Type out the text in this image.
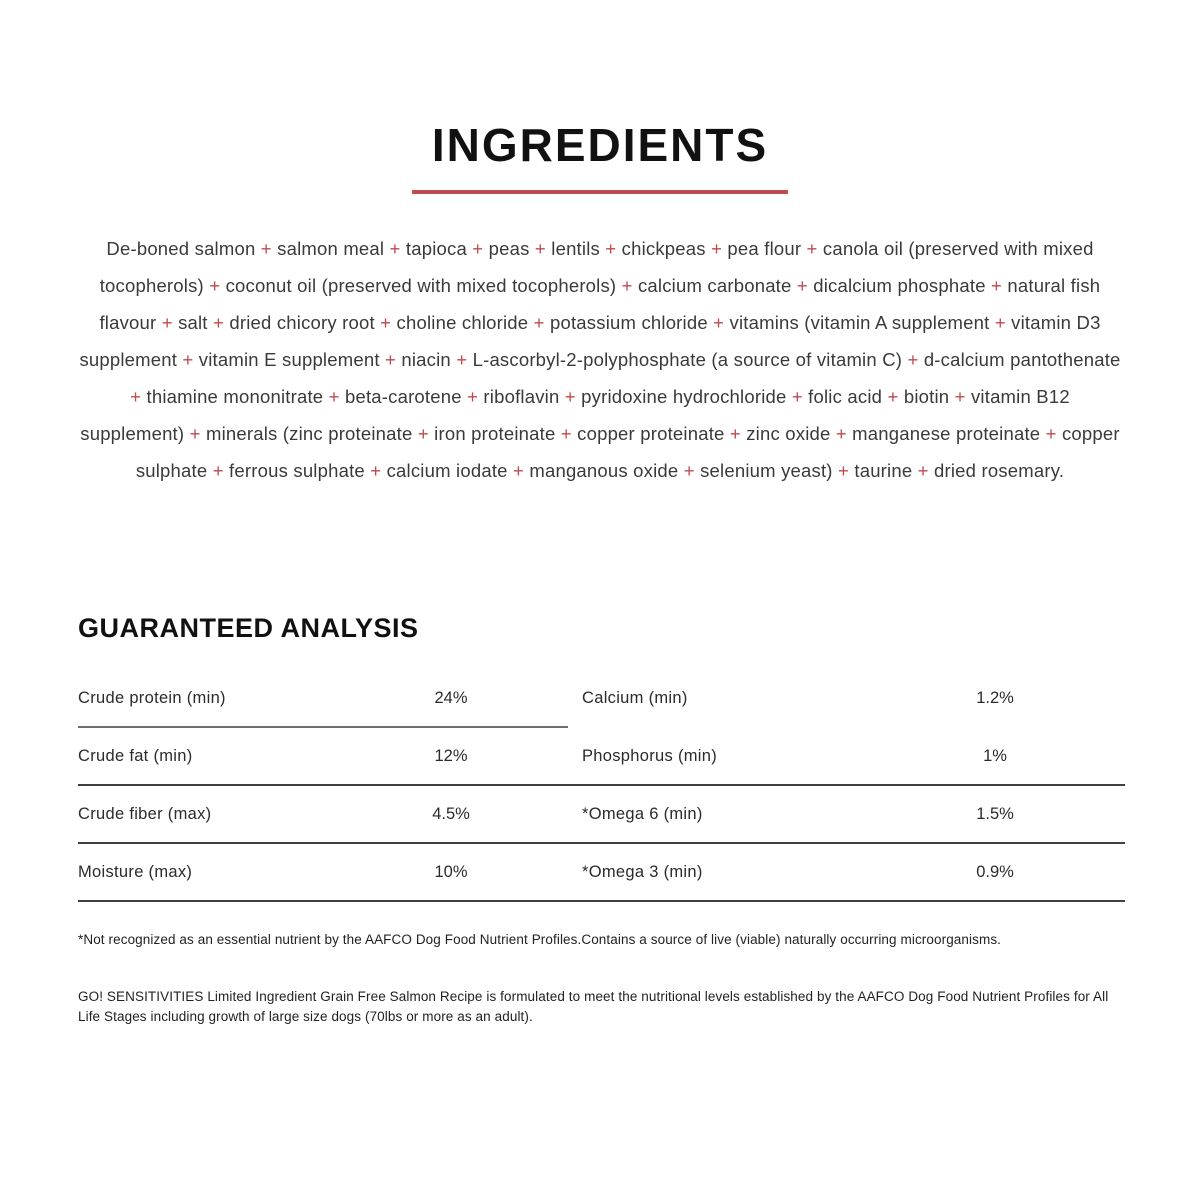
INGREDIENTS

De-boned salmon + salmon meal + tapioca + peas + lentils + chickpeas + pea flour + canola oil (preserved with mixed tocopherols) + coconut oil (preserved with mixed tocopherols) + calcium carbonate + dicalcium phosphate + natural fish flavour + salt + dried chicory root + choline chloride + potassium chloride + vitamins (vitamin A supplement + vitamin D3 supplement + vitamin E supplement + niacin + L-ascorbyl-2-polyphosphate (a source of vitamin C) + d-calcium pantothenate + thiamine mononitrate + beta-carotene + riboflavin + pyridoxine hydrochloride + folic acid + biotin + vitamin B12 supplement) + minerals (zinc proteinate + iron proteinate + copper proteinate + zinc oxide + manganese proteinate + copper sulphate + ferrous sulphate + calcium iodate + manganous oxide + selenium yeast) + taurine + dried rosemary.

GUARANTEED ANALYSIS
Crude protein (min)	24%	Calcium (min)	1.2%
Crude fat (min)	12%	Phosphorus (min)	1%
Crude fiber (max)	4.5%	*Omega 6 (min)	1.5%
Moisture (max)	10%	*Omega 3 (min)	0.9%

*Not recognized as an essential nutrient by the AAFCO Dog Food Nutrient Profiles.Contains a source of live (viable) naturally occurring microorganisms.

GO! SENSITIVITIES Limited Ingredient Grain Free Salmon Recipe is formulated to meet the nutritional levels established by the AAFCO Dog Food Nutrient Profiles for All Life Stages including growth of large size dogs (70lbs or more as an adult).
